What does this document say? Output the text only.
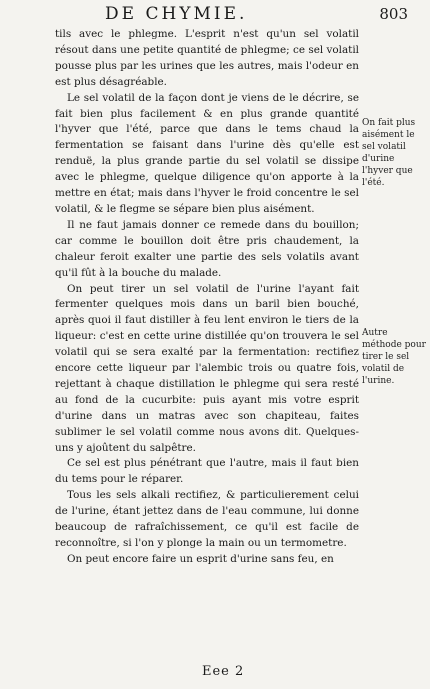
DE CHYMIE.	803

tils avec le phlegme. L'esprit n'est qu'un sel volatil résout dans une petite quantité de phlegme; ce sel volatil pousse plus par les urines que les autres, mais l'odeur en est plus désagréable.

Le sel volatil de la façon dont je viens de le décrire, se fait bien plus facilement & en plus grande quantité l'hyver que l'été, parce que dans le tems chaud la fermentation se faisant dans l'urine dès qu'elle est renduë, la plus grande partie du sel volatil se dissipe avec le phlegme, quelque diligence qu'on apporte à la mettre en état; mais dans l'hyver le froid concentre le sel volatil, & le flegme se sépare bien plus aisément.

Il ne faut jamais donner ce remede dans du bouillon; car comme le bouillon doit être pris chaudement, la chaleur feroit exalter une partie des sels volatils avant qu'il fût à la bouche du malade.

On peut tirer un sel volatil de l'urine l'ayant fait fermenter quelques mois dans un baril bien bouché, après quoi il faut distiller à feu lent environ le tiers de la liqueur: c'est en cette urine distillée qu'on trouvera le sel volatil qui se sera exalté par la fermentation: rectifiez encore cette liqueur par l'alembic trois ou quatre fois, rejettant à chaque distillation le phlegme qui sera resté au fond de la cucurbite: puis ayant mis votre esprit d'urine dans un matras avec son chapiteau, faites sublimer le sel volatil comme nous avons dit. Quelques-uns y ajoûtent du salpêtre.

Ce sel est plus pénétrant que l'autre, mais il faut bien du tems pour le réparer.

Tous les sels alkali rectifiez, & particulierement celui de l'urine, étant jettez dans de l'eau commune, lui donne beaucoup de rafraîchissement, ce qu'il est facile de reconnoître, si l'on y plonge la main ou un termometre.

On peut encore faire un esprit d'urine sans feu, en

On fait plus aisément le sel volatil d'urine l'hyver que l'été.
Autre méthode pour tirer le sel volatil de l'urine.
Eee 2
